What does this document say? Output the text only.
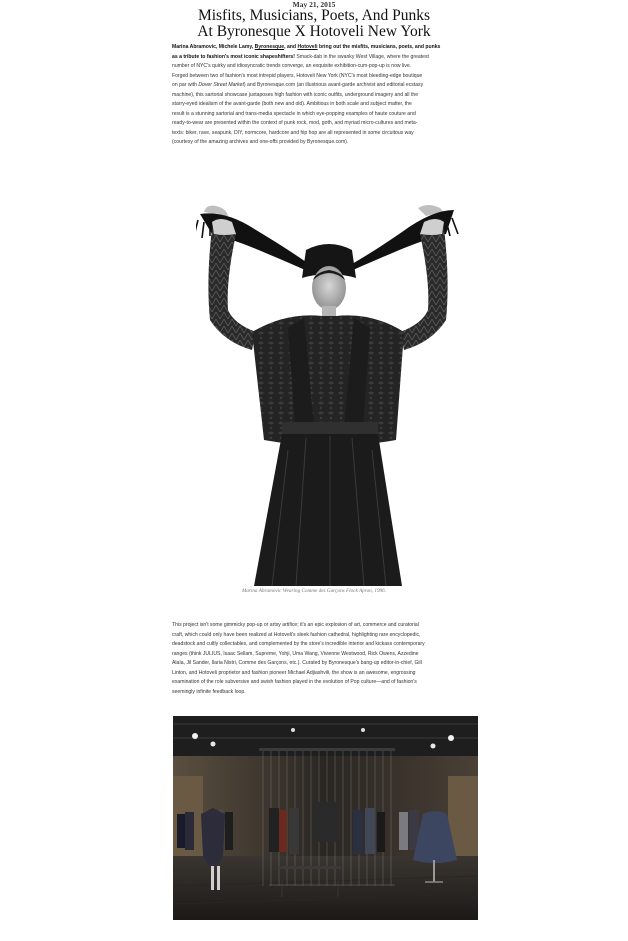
May 21, 2015
Misfits, Musicians, Poets, And Punks
At Byronesque X Hotoveli New York
Marina Abramovic, Michele Lamy, Byronesque, and Hotoveli bring out the misfits, musicians, poets, and punks
as a tribute to fashion's most iconic shapeshifters! Smack-dab in the swanky West Village, where the greatest
number of NYC's quirky and idiosyncratic trends converge, an exquisite exhibition-cum-pop-up is now live.
Forged between two of fashion's most intrepid players, Hotoveli New York (NYC's most bleeding-edge boutique
on par with Dover Street Market) and Byronesque.com (an illustrious avant-garde archivist and editorial ecstasy
machine), this sartorial showcase juxtaposes high fashion with iconic outfits, underground imagery and all the
starry-eyed idealism of the avant-garde (both new and old). Ambitious in both scale and subject matter, the
result is a stunning sartorial and trans-media spectacle in which eye-popping examples of haute couture and
ready-to-wear are presented within the context of punk rock, mod, goth, and myriad micro-cultures and meta-
texts: biker, rave, seapunk, DIY, normcore, hardcore and hip hop are all represented in some circuitous way
(courtesy of the amazing archives and one-offs provided by Byronesque.com).
Marina Abramovic Wearing Comme des Garçons Flock Apron, 1996.
This project isn't some gimmicky pop-up or artsy artifice; it's an epic explosion of art, commerce and curatorial
craft, which could only have been realized at Hotoveli's sleek fashion cathedral, highlighting rare encyclopedic,
deadstock and cultly collectables, and complemented by the store's incredible interior and kickass contemporary
ranges (think JULIUS, Isaac Sellam, Supreme, Yohji, Uma Wang, Vivienne Westwood, Rick Owens, Azzedine
Alaïa, Jil Sander, Ilaria Nistri, Comme des Garçons, etc.). Curated by Byronesque's bang-up editor-in-chief, Gill
Linton, and Hotoveli proprietor and fashion pioneer Michael Adjiashvili, the show is an awesome, engrossing
examination of the role subversive and swish fashion played in the evolution of Pop culture—and of fashion's
seemingly infinite feedback loop.
